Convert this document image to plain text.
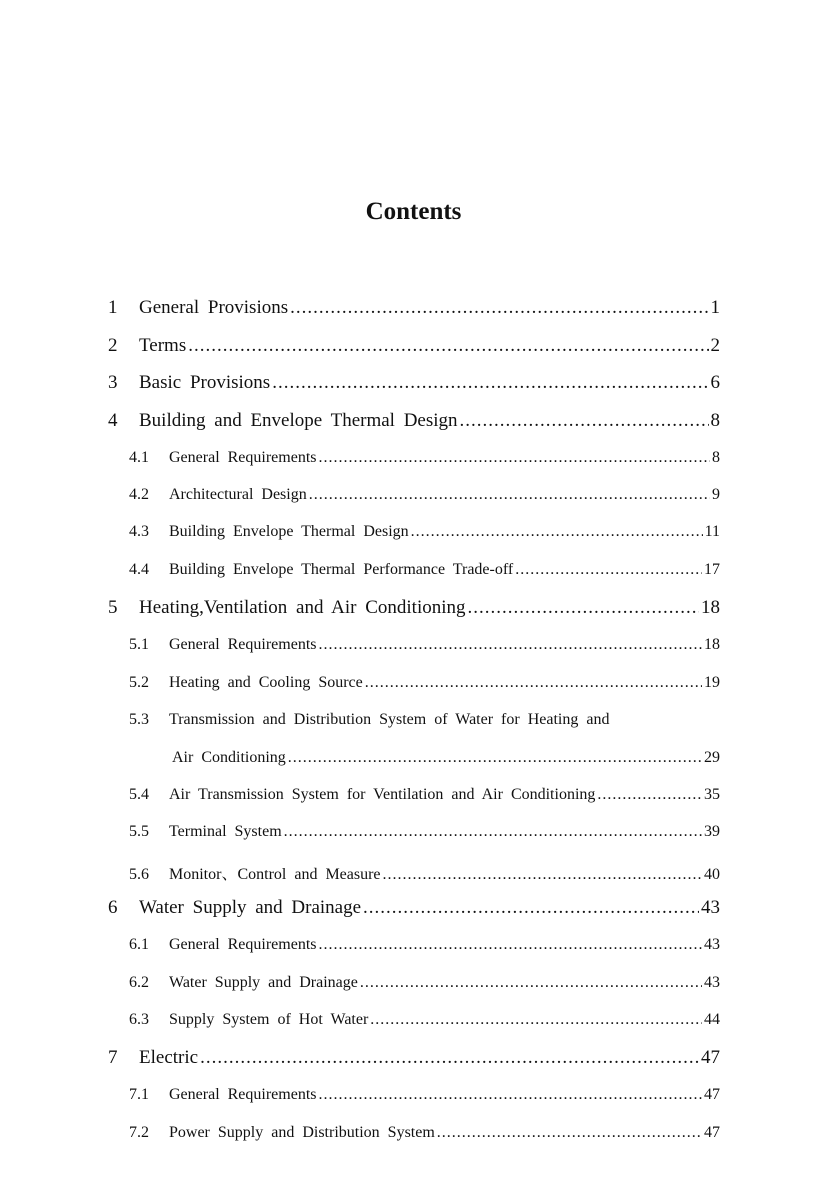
Contents
1	General Provisions .....	1
2	Terms .....	2
3	Basic Provisions .....	6
4	Building and Envelope Thermal Design .....	8
4.1	General Requirements .....	8
4.2	Architectural Design .....	9
4.3	Building Envelope Thermal Design .....	11
4.4	Building Envelope Thermal Performance Trade-off .....	17
5	Heating,Ventilation and Air Conditioning .....	18
5.1	General Requirements .....	18
5.2	Heating and Cooling Source .....	19
5.3	Transmission and Distribution System of Water for Heating and
Air Conditioning .....	29
5.4	Air Transmission System for Ventilation and Air Conditioning .....	35
5.5	Terminal System .....	39
5.6	Monitor、Control and Measure .....	40
6	Water Supply and Drainage .....	43
6.1	General Requirements .....	43
6.2	Water Supply and Drainage .....	43
6.3	Supply System of Hot Water .....	44
7	Electric .....	47
7.1	General Requirements .....	47
7.2	Power Supply and Distribution System .....	47
